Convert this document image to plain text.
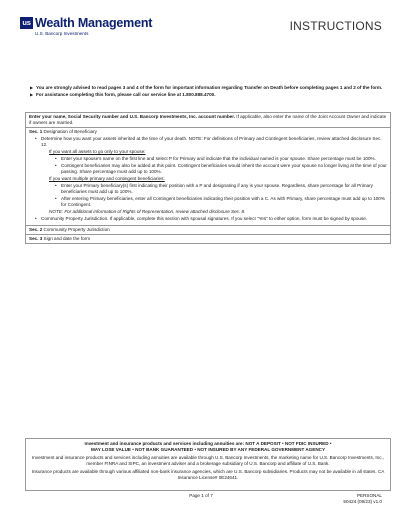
us Wealth Management
U.S. Bancorp Investments
INSTRUCTIONS
▶ You are strongly advised to read pages 3 and 4 of the form for important information regarding Transfer on Death before completing pages 1 and 2 of the form.
▶ For assistance completing this form, please call our service line at 1.800.888.4700.
Enter your name, Social Security number and U.S. Bancorp Investments, Inc. account number. If applicable, also enter the name of the Joint Account Owner and indicate if owners are married.
Sec. 1 Designation of Beneficiary
• Determine how you want your assets inherited at the time of your death. NOTE: For definitions of Primary and Contingent beneficiaries, review attached disclosure Sec. 12.
If you want all assets to go only to your spouse:
• Enter your spouse's name on the first line and select P for Primary and indicate that the individual named is your spouse. Share percentage must be 100%.
• Contingent beneficiaries may also be added at this point. Contingent beneficiaries would inherit the account were your spouse no longer living at the time of your passing. Share percentage must add up to 100%.
If you want multiple primary and contingent beneficiaries:
• Enter your Primary beneficiary(s) first indicating their position with a P and designating if any is your spouse. Regardless, share percentage for all Primary beneficiaries must add up to 100%.
• After entering Primary beneficiaries, enter all Contingent beneficiaries indicating their position with a C. As with Primary, share percentage must add up to 100% for Contingent.
NOTE: For additional information of Rights of Representation, review attached disclosure Sec. 8.
• Community Property Jurisdiction. If applicable, complete this section with spousal signatures. If you select "Yes" to either option, form must be signed by spouse.
Sec. 2 Community Property Jurisdiction
Sec. 3 Sign and date the form
Investment and insurance products and services including annuities are: NOT A DEPOSIT • NOT FDIC INSURED •
MAY LOSE VALUE • NOT BANK GUARANTEED • NOT INSURED BY ANY FEDERAL GOVERNMENT AGENCY
Investment and insurance products and services including annuities are available through U.S. Bancorp Investments, the marketing name for U.S. Bancorp Investments, Inc., member FINRA and SIPC, an investment adviser and a brokerage subsidiary of U.S. Bancorp and affiliate of U.S. Bank.
Insurance products are available through various affiliated non-bank insurance agencies, which are U.S. Bancorp subsidiaries. Products may not be available in all states. CA Insurance License# 0E24641.
Page 1 of 7	PERSONAL
50424 (09/23) v1.0
